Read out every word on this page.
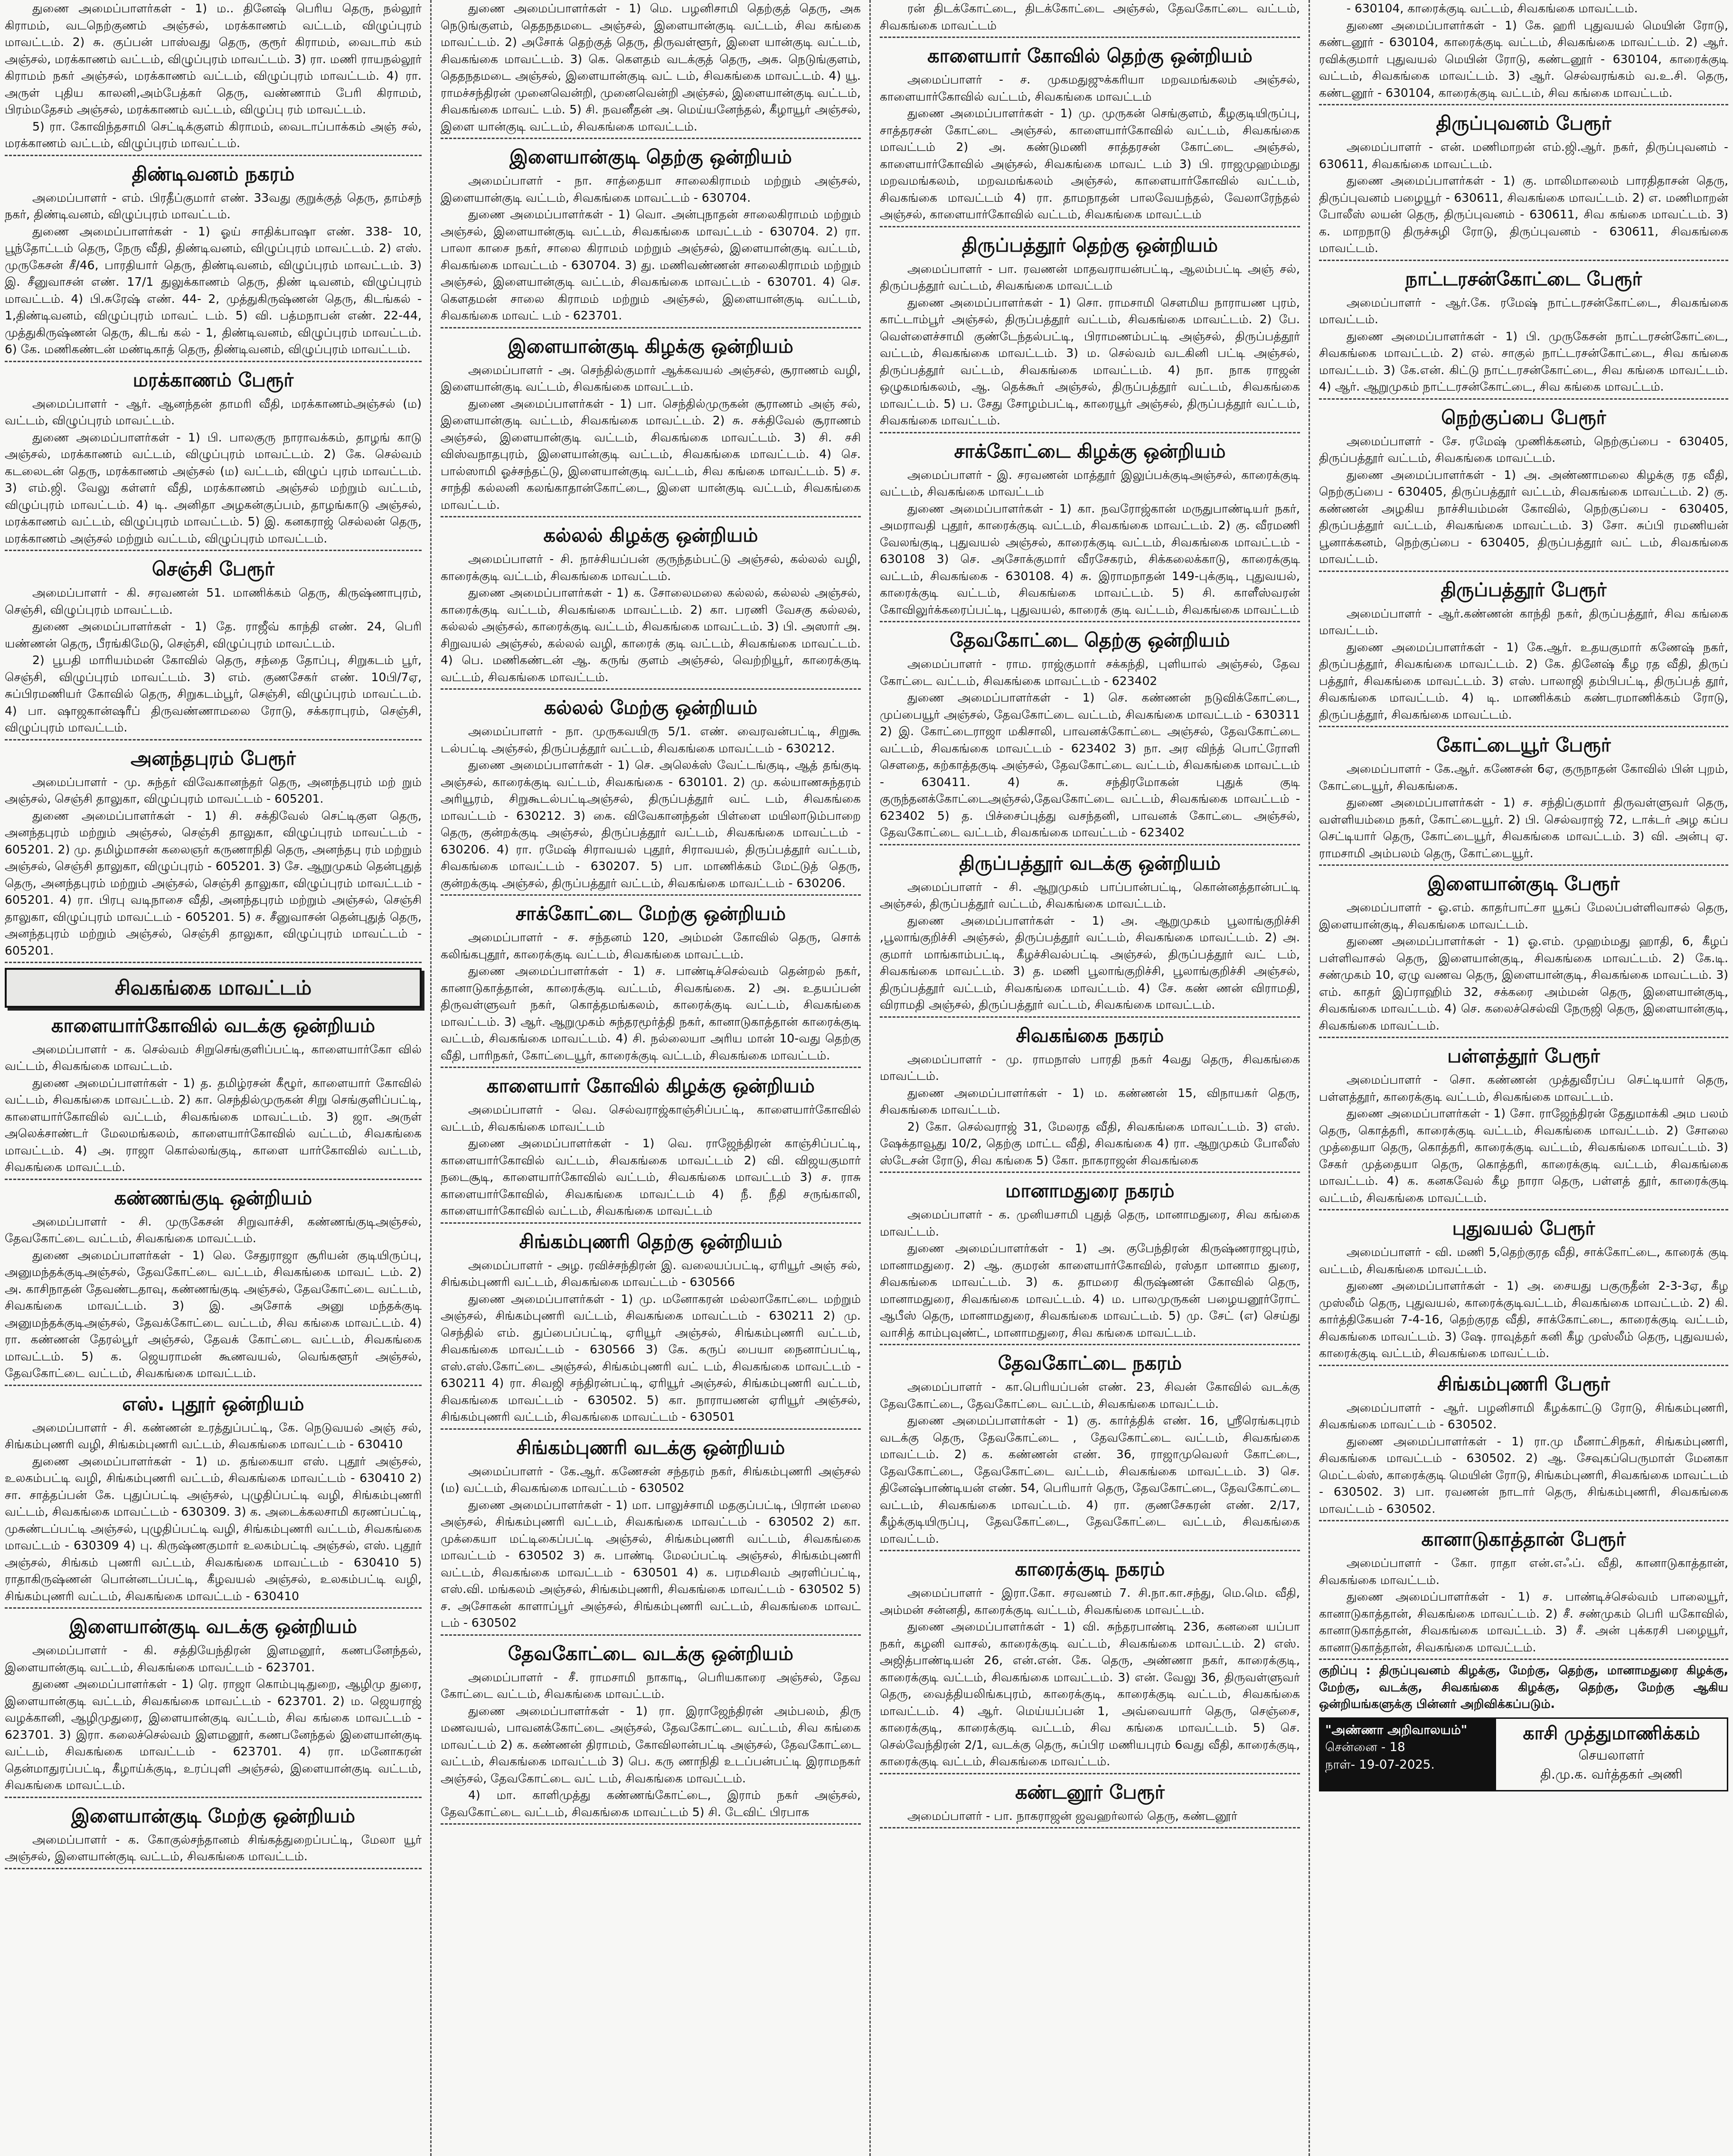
துணை அமைப்பாளர்கள் - 1) ம.. தினேஷ் பெரிய தெரு, நல்லூர் கிராமம், வடநெற்குணம் அஞ்சல், மரக்காணம் வட்டம், விழுப்புரம் மாவட்டம். 2) சு. குப்பன் பாஸ்வது தெரு, குரூர் கிராமம், வைடாம் கம் அஞ்சல், மரக்காணம் வட்டம், விழுப்புரம் மாவட்டம். 3) ரா. மணி ராயநல்லூர் கிராமம் நகர் அஞ்சல், மரக்காணம் வட்டம், விழுப்புரம் மாவட்டம். 4) ரா. அருள் புதிய காலனி,அம்பேத்கர் தெரு, வண்ணாம் பேரி கிராமம், பிரம்மதேசம் அஞ்சல், மரக்காணம் வட்டம், விழுப்பு ரம் மாவட்டம்.

5) ரா. கோவிந்தசாமி செட்டிக்குளம் கிராமம், வைடாப்பாக்கம் அஞ் சல், மரக்காணம் வட்டம், விழுப்புரம் மாவட்டம்.

திண்டிவனம் நகரம்

அமைப்பாளர் - எம். பிரதீப்குமார் எண். 33வது குறுக்குத் தெரு, தாம்சந் நகர், திண்டிவனம், விழுப்புரம் மாவட்டம்.

துணை அமைப்பாளர்கள் - 1) ஓய் சாதிக்பாஷா எண். 338- 10, பூந்தோட்டம் தெரு, நேரு வீதி, திண்டிவனம், விழுப்புரம் மாவட்டம். 2) எஸ். முருகேசன் சீ/46, பாரதியார் தெரு, திண்டிவனம், விழுப்புரம் மாவட்டம். 3) இ. சீனுவாசன் எண். 17/1 துலுக்காணம் தெரு, திண் டிவனம், விழுப்புரம் மாவட்டம். 4) பி.சுரேஷ் எண். 44- 2, முத்துகிருஷ்ணன் தெரு, கிடங்கல் - 1,திண்டிவனம், விழுப்புரம் மாவட் டம். 5) வி. பத்மநாபன் எண். 22-44, முத்துகிருஷ்ணன் தெரு, கிடங் கல் - 1, திண்டிவனம், விழுப்புரம் மாவட்டம். 6) கே. மணிகண்டன் மண்டிகாத் தெரு, திண்டிவனம், விழுப்புரம் மாவட்டம்.

மரக்காணம் பேரூர்

அமைப்பாளர் - ஆர். ஆனந்தன் தாமரி வீதி, மரக்காணம்அஞ்சல் (ம) வட்டம், விழுப்புரம் மாவட்டம்.

துணை அமைப்பாளர்கள் - 1) பி. பாலகுரு நாராவக்கம், தாழங் காடு அஞ்சல், மரக்காணம் வட்டம், விழுப்புரம் மாவட்டம். 2) கே. செல்வம் கடலைடன் தெரு, மரக்காணம் அஞ்சல் (ம) வட்டம், விழுப் புரம் மாவட்டம். 3) எம்.ஜி. வேலு கள்ளர் வீதி, மரக்காணம் அஞ்சல் மற்றும் வட்டம், விழுப்புரம் மாவட்டம். 4) டி. அனிதா அழகன்குப்பம், தாழங்காடு அஞ்சல், மரக்காணம் வட்டம், விழுப்புரம் மாவட்டம். 5) இ. கனகராஜ் செல்லன் தெரு, மரக்காணம் அஞ்சல் மற்றும் வட்டம், விழுப்புரம் மாவட்டம்.

செஞ்சி பேரூர்

அமைப்பாளர் - கி. சரவணன் 51. மாணிக்கம் தெரு, கிருஷ்ணாபுரம், செஞ்சி, விழுப்புரம் மாவட்டம்.

துணை அமைப்பாளர்கள் - 1) தே. ராஜீவ் காந்தி எண். 24, பெரி யண்ணன் தெரு, பீரங்கிமேடு, செஞ்சி, விழுப்புரம் மாவட்டம்.

2) பூபதி மாரியம்மன் கோவில் தெரு, சந்தை தோப்பு, சிறுகடம் பூர், செஞ்சி, விழுப்புரம் மாவட்டம். 3) எம். குணசேகர் எண். 10பி/7ஏ, சுப்பிரமணியர் கோவில் தெரு, சிறுகடம்பூர், செஞ்சி, விழுப்புரம் மாவட்டம். 4) பா. ஷாஜகான்ஷரீப் திருவண்ணாமலை ரோடு, சக்கராபுரம், செஞ்சி, விழுப்புரம் மாவட்டம்.

அனந்தபுரம் பேரூர்

அமைப்பாளர் - மு. சுந்தர் விவேகானந்தர் தெரு, அனந்தபுரம் மற் றும் அஞ்சல், செஞ்சி தாலுகா, விழுப்புரம் மாவட்டம் - 605201.

துணை அமைப்பாளர்கள் - 1) சி. சக்திவேல் செட்டிகுள தெரு, அனந்தபுரம் மற்றும் அஞ்சல், செஞ்சி தாலுகா, விழுப்புரம் மாவட்டம் - 605201. 2) மு. தமிழ்மாசன் கலைஞர் கருணாநிதி தெரு, அனந்தபு ரம் மற்றும் அஞ்சல், செஞ்சி தாலுகா, விழுப்புரம் - 605201. 3) சே. ஆறுமுகம் தென்புதுத் தெரு, அனந்தபுரம் மற்றும் அஞ்சல், செஞ்சி தாலுகா, விழுப்புரம் மாவட்டம் - 605201. 4) ரா. பிரபு வடிநாசை வீதி, அனந்தபுரம் மற்றும் அஞ்சல், செஞ்சி தாலுகா, விழுப்புரம் மாவட்டம் - 605201. 5) ச. சீனுவாசன் தென்புதுத் தெரு, அனந்தபுரம் மற்றும் அஞ்சல், செஞ்சி தாலுகா, விழுப்புரம் மாவட்டம் - 605201.

சிவகங்கை மாவட்டம்
காளையார்கோவில் வடக்கு ஒன்றியம்

அமைப்பாளர் - க. செல்வம் சிறுசெங்குளிப்பட்டி, காளையார்கோ வில் வட்டம், சிவகங்கை மாவட்டம்.

துணை அமைப்பாளர்கள் - 1) த. தமிழ்ரசன் கீழூர், காளையார் கோவில் வட்டம், சிவகங்கை மாவட்டம். 2) கா. செந்தில்முருகன் சிறு செங்குளிப்பட்டி, காளையார்கோவில் வட்டம், சிவகங்கை மாவட்டம். 3) ஜா. அருள் அலெக்சாண்டர் மேலமங்கலம், காளையார்கோவில் வட்டம், சிவகங்கை மாவட்டம். 4) அ. ராஜா கொல்லங்குடி, காளை யார்கோவில் வட்டம், சிவகங்கை மாவட்டம்.

கண்ணங்குடி ஒன்றியம்

அமைப்பாளர் - சி. முருகேசன் சிறுவாச்சி, கண்ணங்குடிஅஞ்சல், தேவகோட்டை வட்டம், சிவகங்கை மாவட்டம்.

துணை அமைப்பாளர்கள் - 1) லெ. சேதுராஜா சூரியன் குடியிருப்பு, அனுமந்தக்குடிஅஞ்சல், தேவகோட்டை வட்டம், சிவகங்கை மாவட் டம். 2) அ. காசிநாதன் தேவண்டதாவு, கண்ணங்குடி அஞ்சல், தேவகோட்டை வட்டம், சிவகங்கை மாவட்டம். 3) இ. அசோக் அனு மந்தக்குடி அனுமந்தக்குடிஅஞ்சல், தேவக்கோட்டை வட்டம், சிவ கங்கை மாவட்டம். 4) ரா. கண்ணன் தேரல்பூர் அஞ்சல், தேவக் கோட்டை வட்டம், சிவகங்கை மாவட்டம். 5) க. ஜெயராமன் கூணவயல், வெங்களூர் அஞ்சல், தேவகோட்டை வட்டம், சிவகங்கை மாவட்டம்.

எஸ். புதூர் ஒன்றியம்

அமைப்பாளர் - சி. கண்ணன் உரத்துப்பட்டி, கே. நெடுவயல் அஞ் சல், சிங்கம்புணரி வழி, சிங்கம்புணரி வட்டம், சிவகங்கை மாவட்டம் - 630410

துணை அமைப்பாளர்கள் - 1) ம. தங்கையா எஸ். புதூர் அஞ்சல், உலகம்பட்டி வழி, சிங்கம்புணரி வட்டம், சிவகங்கை மாவட்டம் - 630410 2) சா. சாத்தப்பன் கே. புதுப்பட்டி அஞ்சல், புழுதிப்பட்டி வழி, சிங்கம்புணரி வட்டம், சிவகங்கை மாவட்டம் - 630309. 3) க. அடைக்கலசாமி கரணப்பட்டி, முசுண்டப்பட்டி அஞ்சல், புழுதிப்பட்டி வழி, சிங்கம்புணரி வட்டம், சிவகங்கை மாவட்டம் - 630309 4) பு. கிருஷ்ணகுமார் உலகம்பட்டி அஞ்சல், எஸ். புதூர் அஞ்சல், சிங்கம் புணரி வட்டம், சிவகங்கை மாவட்டம் - 630410 5) ராதாகிருஷ்ணன் பொன்னடப்பட்டி, கீழவயல் அஞ்சல், உலகம்பட்டி வழி, சிங்கம்புணரி வட்டம், சிவகங்கை மாவட்டம் - 630410

இளையான்குடி வடக்கு ஒன்றியம்

அமைப்பாளர் - கி. சத்தியேந்திரன் இளமனூர், கணபனேந்தல், இளையான்குடி வட்டம், சிவகங்கை மாவட்டம் - 623701.

துணை அமைப்பாளர்கள் - 1) ரெ. ராஜா கொம்புடிதுறை, ஆழிமு துரை, இளையான்குடி வட்டம், சிவகங்கை மாவட்டம் - 623701. 2) ம. ஜெயராஜ் வழக்கானி, ஆழிமுதுரை, இளையான்குடி வட்டம், சிவ கங்கை மாவட்டம் - 623701. 3) இரா. கலைச்செல்வம் இளமனூர், கணபனேந்தல் இளையான்குடி வட்டம், சிவகங்கை மாவட்டம் - 623701. 4) ரா. மனோகரன் தென்மாதுரப்பட்டி, கீழாய்க்குடி, உரப்புளி அஞ்சல், இளையான்குடி வட்டம், சிவகங்கை மாவட்டம்.

இளையான்குடி மேற்கு ஒன்றியம்

அமைப்பாளர் - க. கோகுல்சந்தானம் சிங்கத்துறைப்பட்டி, மேலா யூர் அஞ்சல், இளையான்குடி வட்டம், சிவகங்கை மாவட்டம்.

துணை அமைப்பாளர்கள் - 1) மெ. பழனிசாமி தெற்குத் தெரு, அக நெடுங்குளம், தெதநதமடை அஞ்சல், இளையான்குடி வட்டம், சிவ கங்கை மாவட்டம். 2) அசோக் தெற்குத் தெரு, திருவள்ளூர், இளை யான்குடி வட்டம், சிவகங்கை மாவட்டம். 3) கெ. கௌதம் வடக்குத் தெரு, அக. நெடுங்குளம், தெதநதமடை அஞ்சல், இளையான்குடி வட் டம், சிவகங்கை மாவட்டம். 4) யூ. ராமச்சந்திரன் முனைவென்றி, முனைவென்றி அஞ்சல், இளையான்குடி வட்டம், சிவகங்கை மாவட் டம். 5) சி. நவனீதன் அ. மெய்யனேந்தல், கீழாயூர் அஞ்சல், இளை யான்குடி வட்டம், சிவகங்கை மாவட்டம்.

இளையான்குடி தெற்கு ஒன்றியம்

அமைப்பாளர் - நா. சாத்தையா சாலைகிராமம் மற்றும் அஞ்சல், இளையான்குடி வட்டம், சிவகங்கை மாவட்டம் - 630704.

துணை அமைப்பாளர்கள் - 1) வொ. அன்புநாதன் சாலைகிராமம் மற்றும் அஞ்சல், இளையான்குடி வட்டம், சிவகங்கை மாவட்டம் - 630704. 2) ரா. பாலா காசை நகர், சாலை கிராமம் மற்றும் அஞ்சல், இளையான்குடி வட்டம், சிவகங்கை மாவட்டம் - 630704. 3) து. மணிவண்ணன் சாலைகிராமம் மற்றும் அஞ்சல், இளையான்குடி வட்டம், சிவகங்கை மாவட்டம் - 630701. 4) செ. கௌதமன் சாலை கிராமம் மற்றும் அஞ்சல், இளையான்குடி வட்டம், சிவகங்கை மாவட் டம் - 623701.

இளையான்குடி கிழக்கு ஒன்றியம்

அமைப்பாளர் - அ. செந்தில்குமார் ஆக்கவயல் அஞ்சல், சூராணம் வழி, இளையான்குடி வட்டம், சிவகங்கை மாவட்டம்.

துணை அமைப்பாளர்கள் - 1) பா. செந்தில்முருகன் சூராணம் அஞ் சல், இளையான்குடி வட்டம், சிவகங்கை மாவட்டம். 2) சு. சக்திவேல் சூராணம் அஞ்சல், இளையான்குடி வட்டம், சிவகங்கை மாவட்டம். 3) சி. சசி விஸ்வநாதபுரம், இளையான்குடி வட்டம், சிவகங்கை மாவட்டம். 4) செ. பால்ஸாமி ஓச்சந்தட்டு, இளையான்குடி வட்டம், சிவ கங்கை மாவட்டம். 5) ச. சாந்தி கல்லனி கலங்காதான்கோட்டை, இளை யான்குடி வட்டம், சிவகங்கை மாவட்டம்.

கல்லல் கிழக்கு ஒன்றியம்

அமைப்பாளர் - சி. நாச்சியப்பன் குருந்தம்பட்டு அஞ்சல், கல்லல் வழி, காரைக்குடி வட்டம், சிவகங்கை மாவட்டம்.

துணை அமைப்பாளர்கள் - 1) க. சோலைமலை கல்லல், கல்லல் அஞ்சல், காரைக்குடி வட்டம், சிவகங்கை மாவட்டம். 2) கா. பரணி வேசகு கல்லல், கல்லல் அஞ்சல், காரைக்குடி வட்டம், சிவகங்கை மாவட்டம். 3) பி. அஸார் அ. சிறுவயல் அஞ்சல், கல்லல் வழி, காரைக் குடி வட்டம், சிவகங்கை மாவட்டம். 4) பெ. மணிகண்டன் ஆ. கருங் குளம் அஞ்சல், வெற்றியூர், காரைக்குடி வட்டம், சிவகங்கை மாவட்டம்.

கல்லல் மேற்கு ஒன்றியம்

அமைப்பாளர் - நா. முருகவயிரு 5/1. எண். வைரவன்பட்டி, சிறுகூ டல்பட்டி அஞ்சல், திருப்பத்தூர் வட்டம், சிவகங்கை மாவட்டம் - 630212.

துணை அமைப்பாளர்கள் - 1) செ. அலெக்ஸ் வேட்டங்குடி, ஆத் தங்குடி அஞ்சல், காரைக்குடி வட்டம், சிவகங்கை - 630101. 2) மு. கல்யாணசுந்தரம் அரியூரம், சிறுகூடல்பட்டிஅஞ்சல், திருப்பத்தூர் வட் டம், சிவகங்கை மாவட்டம் - 630212. 3) கை. விவேகானந்தன் பிள்ளை மயிலாடும்பாறை தெரு, குன்றக்குடி அஞ்சல், திருப்பத்தூர் வட்டம், சிவகங்கை மாவட்டம் - 630206. 4) ரா. ரமேஷ் சிராவயல் புதூர், சிராவயல், திருப்பத்தூர் வட்டம், சிவகங்கை மாவட்டம் - 630207. 5) பா. மாணிக்கம் மேட்டுத் தெரு, குன்றக்குடி அஞ்சல், திருப்பத்தூர் வட்டம், சிவகங்கை மாவட்டம் - 630206.

சாக்கோட்டை மேற்கு ஒன்றியம்

அமைப்பாளர் - ச. சந்தனம் 120, அம்மன் கோவில் தெரு, சொக் கலிங்கபுதூர், காரைக்குடி வட்டம், சிவகங்கை மாவட்டம்.

துணை அமைப்பாளர்கள் - 1) ச. பாண்டிச்செல்வம் தென்றல் நகர், கானாடுகாத்தான், காரைக்குடி வட்டம், சிவகங்கை. 2) அ. உதயப்பன் திருவள்ளுவர் நகர், கொத்தமங்கலம், காரைக்குடி வட்டம், சிவகங்கை மாவட்டம். 3) ஆர். ஆறுமுகம் சுந்தரமூர்த்தி நகர், கானாடுகாத்தான் காரைக்குடி வட்டம், சிவகங்கை மாவட்டம். 4) சி. நல்லையா அரிய மான் 10-வது தெற்கு வீதி, பாரிநகர், கோட்டையூர், காரைக்குடி வட்டம், சிவகங்கை மாவட்டம்.

காளையார் கோவில் கிழக்கு ஒன்றியம்

அமைப்பாளர் - வெ. செல்வராஜ்காஞ்சிப்பட்டி, காளையார்கோவில் வட்டம், சிவகங்கை மாவட்டம்

துணை அமைப்பாளர்கள் - 1) வெ. ராஜேந்திரன் காஞ்சிப்பட்டி, காளையார்கோவில் வட்டம், சிவகங்கை மாவட்டம் 2) வி. விஜயகுமார் நடைசூடி, காளையார்கோவில் வட்டம், சிவகங்கை மாவட்டம் 3) ச. ராசு காளையார்கோவில், சிவகங்கை மாவட்டம் 4) நீ. நீதி சருங்காலி, காளையார்கோவில் வட்டம், சிவகங்கை மாவட்டம்

சிங்கம்புணரி தெற்கு ஒன்றியம்

அமைப்பாளர் - அழ. ரவிச்சந்திரன் இ. வலையப்பட்டி, ஏரியூர் அஞ் சல், சிங்கம்புணரி வட்டம், சிவகங்கை மாவட்டம் - 630566

துணை அமைப்பாளர்கள் - 1) மு. மனோகரன் மல்லாகோட்டை மற்றும் அஞ்சல், சிங்கம்புணரி வட்டம், சிவகங்கை மாவட்டம் - 630211 2) மு. செந்தில் எம். துப்பைப்பட்டி, ஏரியூர் அஞ்சல், சிங்கம்புணரி வட்டம், சிவகங்கை மாவட்டம் - 630566 3) கே. கருப் பையா நைனாப்பட்டி, எஸ்.எஸ்.கோட்டை அஞ்சல், சிங்கம்புணரி வட் டம், சிவகங்கை மாவட்டம் - 630211 4) ரா. சிவஜி சந்திரன்பட்டி, ஏரியூர் அஞ்சல், சிங்கம்புணரி வட்டம், சிவகங்கை மாவட்டம் - 630502. 5) கா. நாராயணன் ஏரியூர் அஞ்சல், சிங்கம்புணரி வட்டம், சிவகங்கை மாவட்டம் - 630501

சிங்கம்புணரி வடக்கு ஒன்றியம்

அமைப்பாளர் - கே.ஆர். கணேசன் சந்தரம் நகர், சிங்கம்புணரி அஞ்சல் (ம) வட்டம், சிவகங்கை மாவட்டம் - 630502

துணை அமைப்பாளர்கள் - 1) மா. பாலுச்சாமி மதகுப்பட்டி, பிரான் மலை அஞ்சல், சிங்கம்புணரி வட்டம், சிவகங்கை மாவட்டம் - 630502 2) கா. முக்கையா மட்டிகைப்பட்டி அஞ்சல், சிங்கம்புணரி வட்டம், சிவகங்கை மாவட்டம் - 630502 3) சு. பாண்டி மேலப்பட்டி அஞ்சல், சிங்கம்புணரி வட்டம், சிவகங்கை மாவட்டம் - 630501 4) க. பரமசிவம் அரளிப்பட்டி, எஸ்.வி. மங்கலம் அஞ்சல், சிங்கம்புணரி, சிவகங்கை மாவட்டம் - 630502 5) ச. அசோகன் காளாப்பூர் அஞ்சல், சிங்கம்புணரி வட்டம், சிவகங்கை மாவட் டம் - 630502

தேவகோட்டை வடக்கு ஒன்றியம்

அமைப்பாளர் - சீ. ராமசாமி நாகாடி, பெரியகாரை அஞ்சல், தேவ கோட்டை வட்டம், சிவகங்கை மாவட்டம்.

துணை அமைப்பாளர்கள் - 1) ரா. இராஜேந்திரன் அம்பலம், திரு மணவயல், பாவனக்கோட்டை அஞ்சல், தேவகோட்டை வட்டம், சிவ கங்கை மாவட்டம் 2) க. கண்ணன் திராமம், கோவிலான்பட்டி அஞ்சல், தேவகோட்டை வட்டம், சிவகங்கை மாவட்டம் 3) பெ. கரு ணாநிதி உடப்பன்பட்டி இராமநகர் அஞ்சல், தேவகோட்டை வட் டம், சிவகங்கை மாவட்டம்.

4) மா. காளிமுத்து கண்ணங்கோட்டை, இராம் நகர் அஞ்சல், தேவகோட்டை வட்டம், சிவகங்கை மாவட்டம் 5) சி. டேவிட் பிரபாக

ரன் திடக்கோட்டை, திடக்கோட்டை அஞ்சல், தேவகோட்டை வட்டம், சிவகங்கை மாவட்டம்

காளையார் கோவில் தெற்கு ஒன்றியம்

அமைப்பாளர் - ச. முகமதுஜுக்கரியா மறவமங்கலம் அஞ்சல், காளையார்கோவில் வட்டம், சிவகங்கை மாவட்டம்

துணை அமைப்பாளர்கள் - 1) மு. முருகன் செங்குளம், கீழகுடியிருப்பு, சாத்தரசன் கோட்டை அஞ்சல், காளையார்கோவில் வட்டம், சிவகங்கை மாவட்டம் 2) அ. கண்டுமணி சாத்தரசன் கோட்டை அஞ்சல், காளையார்கோவில் அஞ்சல், சிவகங்கை மாவட் டம் 3) பி. ராஜமுஹம்மது மறவமங்கலம், மறவமங்கலம் அஞ்சல், காளையார்கோவில் வட்டம், சிவகங்கை மாவட்டம் 4) ரா. தாமநாதன் பாலவேயந்தல், வேலாரேந்தல் அஞ்சல், காளையார்கோவில் வட்டம், சிவகங்கை மாவட்டம்

திருப்பத்தூர் தெற்கு ஒன்றியம்

அமைப்பாளர் - பா. ரவணன் மாதவராயன்பட்டி, ஆலம்பட்டி அஞ் சல், திருப்பத்தூர் வட்டம், சிவகங்கை மாவட்டம்

துணை அமைப்பாளர்கள் - 1) சொ. ராமசாமி செளமிய நாராயண புரம், காட்டாம்பூர் அஞ்சல், திருப்பத்தூர் வட்டம், சிவகங்கை மாவட்டம். 2) பே. வெள்ளைச்சாமி குண்டேந்தல்பட்டி, பிராமணம்பட்டி அஞ்சல், திருப்பத்தூர் வட்டம், சிவகங்கை மாவட்டம். 3) ம. செல்வம் வடகினி பட்டி அஞ்சல், திருப்பத்தூர் வட்டம், சிவகங்கை மாவட்டம். 4) நா. நாக ராஜன் ஒழுகமங்கலம், ஆ. தெக்கூர் அஞ்சல், திருப்பத்தூர் வட்டம், சிவகங்கை மாவட்டம். 5) ப. சேது சோழம்பட்டி, காரையூர் அஞ்சல், திருப்பத்தூர் வட்டம், சிவகங்கை மாவட்டம்.

சாக்கோட்டை கிழக்கு ஒன்றியம்

அமைப்பாளர் - இ. சரவணன் மாத்தூர் இலுப்பக்குடிஅஞ்சல், காரைக்குடி வட்டம், சிவகங்கை மாவட்டம்

துணை அமைப்பாளர்கள் - 1) கா. நவரோஜ்கான் மருதுபாண்டியர் நகர், அமராவதி புதூர், காரைக்குடி வட்டம், சிவகங்கை மாவட்டம். 2) கு. வீரமணி வேலங்குடி, புதுவயல் அஞ்சல், காரைக்குடி வட்டம், சிவகங்கை மாவட்டம் - 630108 3) செ. அசோக்குமார் வீரசேகரம், சிக்கலைக்காடு, காரைக்குடி வட்டம், சிவகங்கை - 630108. 4) சு. இராமநாதன் 149-புக்குடி, புதுவயல், காரைக்குடி வட்டம், சிவகங்கை மாவட்டம். 5) சி. காளீஸ்வரன் கோவிலுர்க்கரைப்பட்டி, புதுவயல், காரைக் குடி வட்டம், சிவகங்கை மாவட்டம்

தேவகோட்டை தெற்கு ஒன்றியம்

அமைப்பாளர் - ராம. ராஜ்குமார் சக்கந்தி, புளியால் அஞ்சல், தேவ கோட்டை வட்டம், சிவகங்கை மாவட்டம் - 623402

துணை அமைப்பாளர்கள் - 1) செ. கண்ணன் நடுவிக்கோட்டை, முப்பையூர் அஞ்சல், தேவகோட்டை வட்டம், சிவகங்கை மாவட்டம் - 630311 2) இ. கோட்டைராஜா மகிசாலி, பாவனக்கோட்டை அஞ்சல், தேவகோட்டை வட்டம், சிவகங்கை மாவட்டம் - 623402 3) நா. அர விந்த் பொட்ரோளி சௌதை, கற்காத்தகுடி அஞ்சல், தேவகோட்டை வட்டம், சிவகங்கை மாவட்டம் - 630411. 4) சு. சந்திரமோகன் புதுக் குடி குருந்தனக்கோட்டைஅஞ்சல்,தேவகோட்டை வட்டம், சிவகங்கை மாவட்டம் - 623402 5) த. பிச்சைப்புத்து வசந்தனி, பாவனக் கோட்டை அஞ்சல், தேவகோட்டை வட்டம், சிவகங்கை மாவட்டம் - 623402

திருப்பத்தூர் வடக்கு ஒன்றியம்

அமைப்பாளர் - சி. ஆறுமுகம் பாப்பான்பட்டி, கொன்னத்தான்பட்டி அஞ்சல், திருப்பத்தூர் வட்டம், சிவகங்கை மாவட்டம்.

துணை அமைப்பாளர்கள் - 1) அ. ஆறுமுகம் பூலாங்குறிச்சி ,பூலாங்குறிச்சி அஞ்சல், திருப்பத்தூர் வட்டம், சிவகங்கை மாவட்டம். 2) அ. குமார் மாங்காம்பட்டி, கீழச்சிவல்பட்டி அஞ்சல், திருப்பத்தூர் வட் டம், சிவகங்கை மாவட்டம். 3) த. மணி பூலாங்குறிச்சி, பூலாங்குறிச்சி அஞ்சல், திருப்பத்தூர் வட்டம், சிவகங்கை மாவட்டம். 4) சே. கண் ணன் விராமதி, விராமதி அஞ்சல், திருப்பத்தூர் வட்டம், சிவகங்கை மாவட்டம்.

சிவகங்கை நகரம்

அமைப்பாளர் - மு. ராமநாஸ் பாரதி நகர் 4வது தெரு, சிவகங்கை மாவட்டம்.

துணை அமைப்பாளர்கள் - 1) ம. கண்ணன் 15, விநாயகர் தெரு, சிவகங்கை மாவட்டம்.

2) கோ. செல்வராஜ் 31, மேலரத வீதி, சிவகங்கை மாவட்டம். 3) எஸ். ஷேக்தாவூது 10/2, தெற்கு மாட்ட வீதி, சிவகங்கை 4) ரா. ஆறுமுகம் போலீஸ் ஸ்டேசன் ரோடு, சிவ கங்கை 5) கோ. நாகராஜன் சிவகங்கை

மானாமதுரை நகரம்

அமைப்பாளர் - க. முனியசாமி புதுத் தெரு, மானாமதுரை, சிவ கங்கை மாவட்டம்.

துணை அமைப்பாளர்கள் - 1) அ. குபேந்திரன் கிருஷ்ணராஜபுரம், மானாமதுரை. 2) ஆ. குமரன் காளையார்கோவில், ரஸ்தா மானாம துரை, சிவகங்கை மாவட்டம். 3) க. தாமரை கிருஷ்ணன் கோவில் தெரு, மானாமதுரை, சிவகங்கை மாவட்டம். 4) ம. பாலமுருகன் பழையனூர்ரோட் ஆபீஸ் தெரு, மானாமதுரை, சிவகங்கை மாவட்டம். 5) மு. சேட் (எ) செய்து வாசித் காம்புவுண்ட், மானாமதுரை, சிவ கங்கை மாவட்டம்.

தேவகோட்டை நகரம்

அமைப்பாளர் - கா.பெரியப்பன் எண். 23, சிவன் கோவில் வடக்கு தேவகோட்டை, தேவகோட்டை வட்டம், சிவகங்கை மாவட்டம்.

துணை அமைப்பாளர்கள் - 1) கு. கார்த்திக் எண். 16, ஸ்ரீரெங்கபுரம் வடக்கு தெரு, தேவகோட்டை , தேவகோட்டை வட்டம், சிவகங்கை மாவட்டம். 2) க. கண்ணன் எண். 36, ராஜாமுவெலர் கோட்டை, தேவகோட்டை, தேவகோட்டை வட்டம், சிவகங்கை மாவட்டம். 3) செ. தினேஷ்பாண்டியன் எண். 54, பெரியார் தெரு, தேவகோட்டை, தேவகோட்டை வட்டம், சிவகங்கை மாவட்டம். 4) ரா. குணசேகரன் எண். 2/17, கீழ்க்குடியிருப்பு, தேவகோட்டை, தேவகோட்டை வட்டம், சிவகங்கை மாவட்டம்.

காரைக்குடி நகரம்

அமைப்பாளர் - இரா.கோ. சரவணம் 7. சி.நா.கா.சந்து, மெ.மெ. வீதி, அம்மன் சன்னதி, காரைக்குடி வட்டம், சிவகங்கை மாவட்டம்.

துணை அமைப்பாளர்கள் - 1) வி. சுந்தரபாண்டி 236, கனனை யப்பா நகர், கழனி வாசல், காரைக்குடி வட்டம், சிவகங்கை மாவட்டம். 2) எஸ். அஜித்பாண்டியன் 26, என்.என். கே. தெரு, அண்ணா நகர், காரைக்குடி, காரைக்குடி வட்டம், சிவகங்கை மாவட்டம். 3) என். வேலு 36, திருவள்ளுவர் தெரு, வைத்தியலிங்கபுரம், காரைக்குடி, காரைக்குடி வட்டம், சிவகங்கை மாவட்டம். 4) ஆர். மெய்யப்பன் 1, அவ்வையார் தெரு, செஞ்சை, காரைக்குடி, காரைக்குடி வட்டம், சிவ கங்கை மாவட்டம். 5) செ. செல்வேந்திரன் 2/1, வடக்கு தெரு, சுப்பிர மணியபுரம் 6வது வீதி, காரைக்குடி, காரைக்குடி வட்டம், சிவகங்கை மாவட்டம்.

கண்டனூர் பேரூர்

அமைப்பாளர் - பா. நாகராஜன் ஜவஹர்லால் தெரு, கண்டனூர்

- 630104, காரைக்குடி வட்டம், சிவகங்கை மாவட்டம்.

துணை அமைப்பாளர்கள் - 1) கே. ஹரி புதுவயல் மெயின் ரோடு, கண்டனூர் - 630104, காரைக்குடி வட்டம், சிவகங்கை மாவட்டம். 2) ஆர். ரவிக்குமார் புதுவயல் மெயின் ரோடு, கண்டனூர் - 630104, காரைக்குடி வட்டம், சிவகங்கை மாவட்டம். 3) ஆர். செல்வரங்கம் வ.உ.சி. தெரு, கண்டனூர் - 630104, காரைக்குடி வட்டம், சிவ கங்கை மாவட்டம்.

திருப்புவனம் பேரூர்

அமைப்பாளர் - என். மணிமாறன் எம்.ஜி.ஆர். நகர், திருப்புவனம் - 630611, சிவகங்கை மாவட்டம்.

துணை அமைப்பாளர்கள் - 1) கு. மாலிமாலைம் பாரதிதாசன் தெரு, திருப்புவனம் பழையூர் - 630611, சிவகங்கை மாவட்டம். 2) எ. மணிமாறன் போலீஸ் லயன் தெரு, திருப்புவனம் - 630611, சிவ கங்கை மாவட்டம். 3) க. மாறநாடு திருச்சுழி ரோடு, திருப்புவனம் - 630611, சிவகங்கை மாவட்டம்.

நாட்டரசன்கோட்டை பேரூர்

அமைப்பாளர் - ஆர்.கே. ரமேஷ் நாட்டரசன்கோட்டை, சிவகங்கை மாவட்டம்.

துணை அமைப்பாளர்கள் - 1) பி. முருகேசன் நாட்டரசன்கோட்டை, சிவகங்கை மாவட்டம். 2) எல். சாகுல் நாட்டரசன்கோட்டை, சிவ கங்கை மாவட்டம். 3) கே.என். கிட்டு நாட்டரசன்கோட்டை, சிவ கங்கை மாவட்டம். 4) ஆர். ஆறுமுகம் நாட்டரசன்கோட்டை, சிவ கங்கை மாவட்டம்.

நெற்குப்பை பேரூர்

அமைப்பாளர் - சே. ரமேஷ் முணிக்கனம், நெற்குப்பை - 630405, திருப்பத்தூர் வட்டம், சிவகங்கை மாவட்டம்.

துணை அமைப்பாளர்கள் - 1) அ. அண்ணாமலை கிழக்கு ரத வீதி, நெற்குப்பை - 630405, திருப்பத்தூர் வட்டம், சிவகங்கை மாவட்டம். 2) கு. கண்ணன் அழகிய நாச்சியம்மன் கோவில், நெற்குப்பை - 630405, திருப்பத்தூர் வட்டம், சிவகங்கை மாவட்டம். 3) சோ. சுப்பி ரமணியன் பூனாக்கனம், நெற்குப்பை - 630405, திருப்பத்தூர் வட் டம், சிவகங்கை மாவட்டம்.

திருப்பத்தூர் பேரூர்

அமைப்பாளர் - ஆர்.கண்ணன் காந்தி நகர், திருப்பத்தூர், சிவ கங்கை மாவட்டம்.

துணை அமைப்பாளர்கள் - 1) கே.ஆர். உதயகுமார் கணேஷ் நகர், திருப்பத்தூர், சிவகங்கை மாவட்டம். 2) கே. தினேஷ் கீழ ரத வீதி, திருப் பத்தூர், சிவகங்கை மாவட்டம். 3) எஸ். பாலாஜி தம்பிபட்டி, திருப்பத் தூர், சிவகங்கை மாவட்டம். 4) டி. மாணிக்கம் கண்டரமாணிக்கம் ரோடு, திருப்பத்தூர், சிவகங்கை மாவட்டம்.

கோட்டையூர் பேரூர்

அமைப்பாளர் - கே.ஆர். கணேசன் 6ஏ, குருநாதன் கோவில் பின் புறம், கோட்டையூர், சிவகங்கை.

துணை அமைப்பாளர்கள் - 1) ச. சந்திப்குமார் திருவள்ளுவர் தெரு, வள்ளியம்மை நகர், கோட்டையூர். 2) பி. செல்வராஜ் 72, டாக்டர் அழ கப்ப செட்டியார் தெரு, கோட்டையூர், சிவகங்கை மாவட்டம். 3) வி. அன்பு ஏ. ராமசாமி அம்பலம் தெரு, கோட்டையூர்.

இளையான்குடி பேரூர்

அமைப்பாளர் - ஓ.எம். காதர்பாட்சா யூசுப் மேலப்பள்ளிவாசல் தெரு, இளையான்குடி, சிவகங்கை மாவட்டம்.

துணை அமைப்பாளர்கள் - 1) ஓ.எம். முஹம்மது ஹாதி, 6, கீழப் பள்ளிவாசல் தெரு, இளையான்குடி, சிவகங்கை மாவட்டம். 2) கே.டி. சண்முகம் 10, ஏழு வணவ தெரு, இளையான்குடி, சிவகங்கை மாவட்டம். 3) எம். காதர் இப்ராஹிம் 32, சக்கரை அம்மன் தெரு, இளையான்குடி, சிவகங்கை மாவட்டம். 4) செ. கலைச்செல்வி நேருஜி தெரு, இளையான்குடி, சிவகங்கை மாவட்டம்.

பள்ளத்தூர் பேரூர்

அமைப்பாளர் - சொ. கண்ணன் முத்துவீரப்ப செட்டியார் தெரு, பள்ளத்தூர், காரைக்குடி வட்டம், சிவகங்கை மாவட்டம்.

துணை அமைப்பாளர்கள் - 1) சோ. ராஜேந்திரன் தேதுமாக்கி அம பலம் தெரு, கொத்தரி, காரைக்குடி வட்டம், சிவகங்கை மாவட்டம். 2) சோலை முத்தையா தெரு, கொத்தரி, காரைக்குடி வட்டம், சிவகங்கை மாவட்டம். 3) சேகர் முத்தையா தெரு, கொத்தரி, காரைக்குடி வட்டம், சிவகங்கை மாவட்டம். 4) க. கனகவேல் கீழ நாரா தெரு, பள்ளத் தூர், காரைக்குடி வட்டம், சிவகங்கை மாவட்டம்.

புதுவயல் பேரூர்

அமைப்பாளர் - வி. மணி 5,தெற்குரத வீதி, சாக்கோட்டை, காரைக் குடி வட்டம், சிவகங்கை மாவட்டம்.

துணை அமைப்பாளர்கள் - 1) அ. சையது பகுருதீன் 2-3-3ஏ, கீழ முஸ்லீம் தெரு, புதுவயல், காரைக்குடிவட்டம், சிவகங்கை மாவட்டம். 2) கி. கார்த்திகேயன் 7-4-16, தெற்குரத வீதி, சாக்கோட்டை, காரைக்குடி வட்டம், சிவகங்கை மாவட்டம். 3) ஷே. ராவுத்தர் கனி கீழ முஸ்லீம் தெரு, புதுவயல், காரைக்குடி வட்டம், சிவகங்கை மாவட்டம்.

சிங்கம்புணரி பேரூர்

அமைப்பாளர் - ஆர். பழனிசாமி கீழக்காட்டு ரோடு, சிங்கம்புணரி, சிவகங்கை மாவட்டம் - 630502.

துணை அமைப்பாளர்கள் - 1) ரா.மு மீனாட்சிநகர், சிங்கம்புணரி, சிவகங்கை மாவட்டம் - 630502. 2) ஆ. சேவுகப்பெருமாள் மேனகா மெட்டல்ஸ், காரைக்குடி மெயின் ரோடு, சிங்கம்புணரி, சிவகங்கை மாவட்டம் - 630502. 3) பா. ரவணன் நாடார் தெரு, சிங்கம்புணரி, சிவகங்கை மாவட்டம் - 630502.

கானாடுகாத்தான் பேரூர்

அமைப்பாளர் - கோ. ராதா என்.எஃப். வீதி, கானாடுகாத்தான், சிவகங்கை மாவட்டம்.

துணை அமைப்பாளர்கள் - 1) ச. பாண்டிச்செல்வம் பாலையூர், கானாடுகாத்தான், சிவகங்கை மாவட்டம். 2) சீ. சண்முகம் பெரி யகோவில், கானாடுகாத்தான், சிவகங்கை மாவட்டம். 3) சீ. அன் புக்கரசி பழையூர், கானாடுகாத்தான், சிவகங்கை மாவட்டம்.

குறிப்பு : திருப்புவனம் கிழக்கு, மேற்கு, தெற்கு, மானாமதுரை கிழக்கு, மேற்கு, வடக்கு, சிவகங்கை கிழக்கு, தெற்கு, மேற்கு ஆகிய ஒன்றியங்களுக்கு பின்னர் அறிவிக்கப்படும்.
"அண்ணா அறிவாலயம்"
சென்னை - 18
நாள்- 19-07-2025.
காசி முத்துமாணிக்கம்
செயலாளர்
தி.மு.க. வர்த்தகர் அணி
